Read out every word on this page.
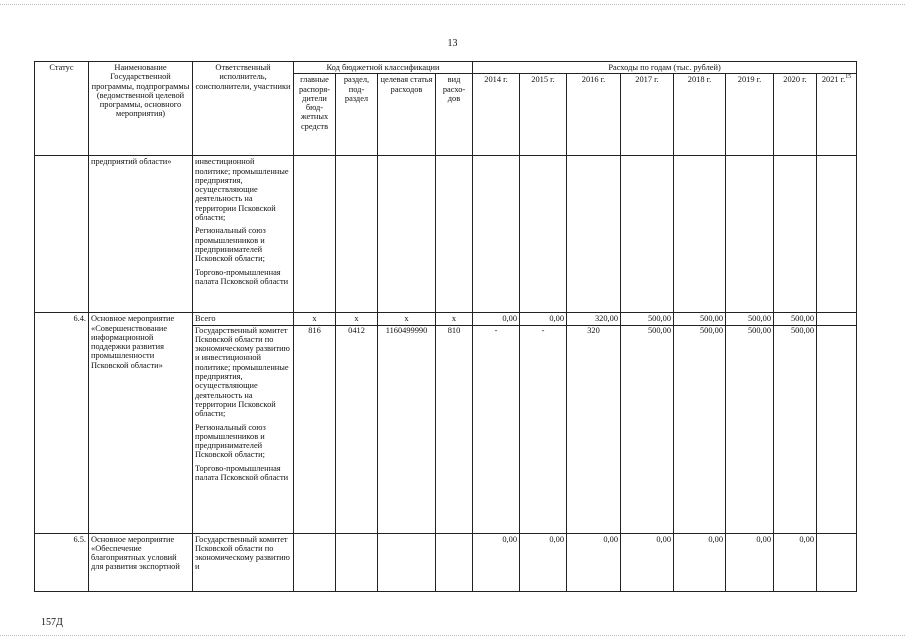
13
Статус	Наименование Государственной программы, подпрограммы (ведомственной целевой программы, основного мероприятия)	Ответственный исполнитель, соисполнители, участники	Код бюджетной классификации				Расходы по годам (тыс. рублей)							
			главные распоря-дители бюд-жетных средств	раздел, под-раздел	целевая статья расходов	вид расхо-дов	2014 г.	2015 г.	2016 г.	2017 г.	2018 г.	2019 г.	2020 г.	2021 г.$^{15}$
	предприятий области»	инвестиционной политике; промышленные предприятия, осуществляющие деятельность на территории Псковской области;
Региональный союз промышленников и предпринимателей Псковской области;
Торгово-промышленная палата Псковской области												

6.4.	Основное мероприятие «Совершенствование информационной поддержки развития промышленности Псковской области»	Всего	x	x	x	x	0,00	0,00	320,00	500,00	500,00	500,00	500,00	

		Государственный комитет Псковской области по экономическому развитию и инвестиционной политике; промышленные предприятия, осуществляющие деятельность на территории Псковской области;
Региональный союз промышленников и предпринимателей Псковской области;
Торгово-промышленная палата Псковской области	816	0412	1160499990	810	-	-	320	500,00	500,00	500,00	500,00	
6.5.	Основное мероприятие «Обеспечение благоприятных условий для развития экспортной	Государственный комитет Псковской области по экономическому развитию и					0,00	0,00	0,00	0,00	0,00	0,00	0,00	
157Д
